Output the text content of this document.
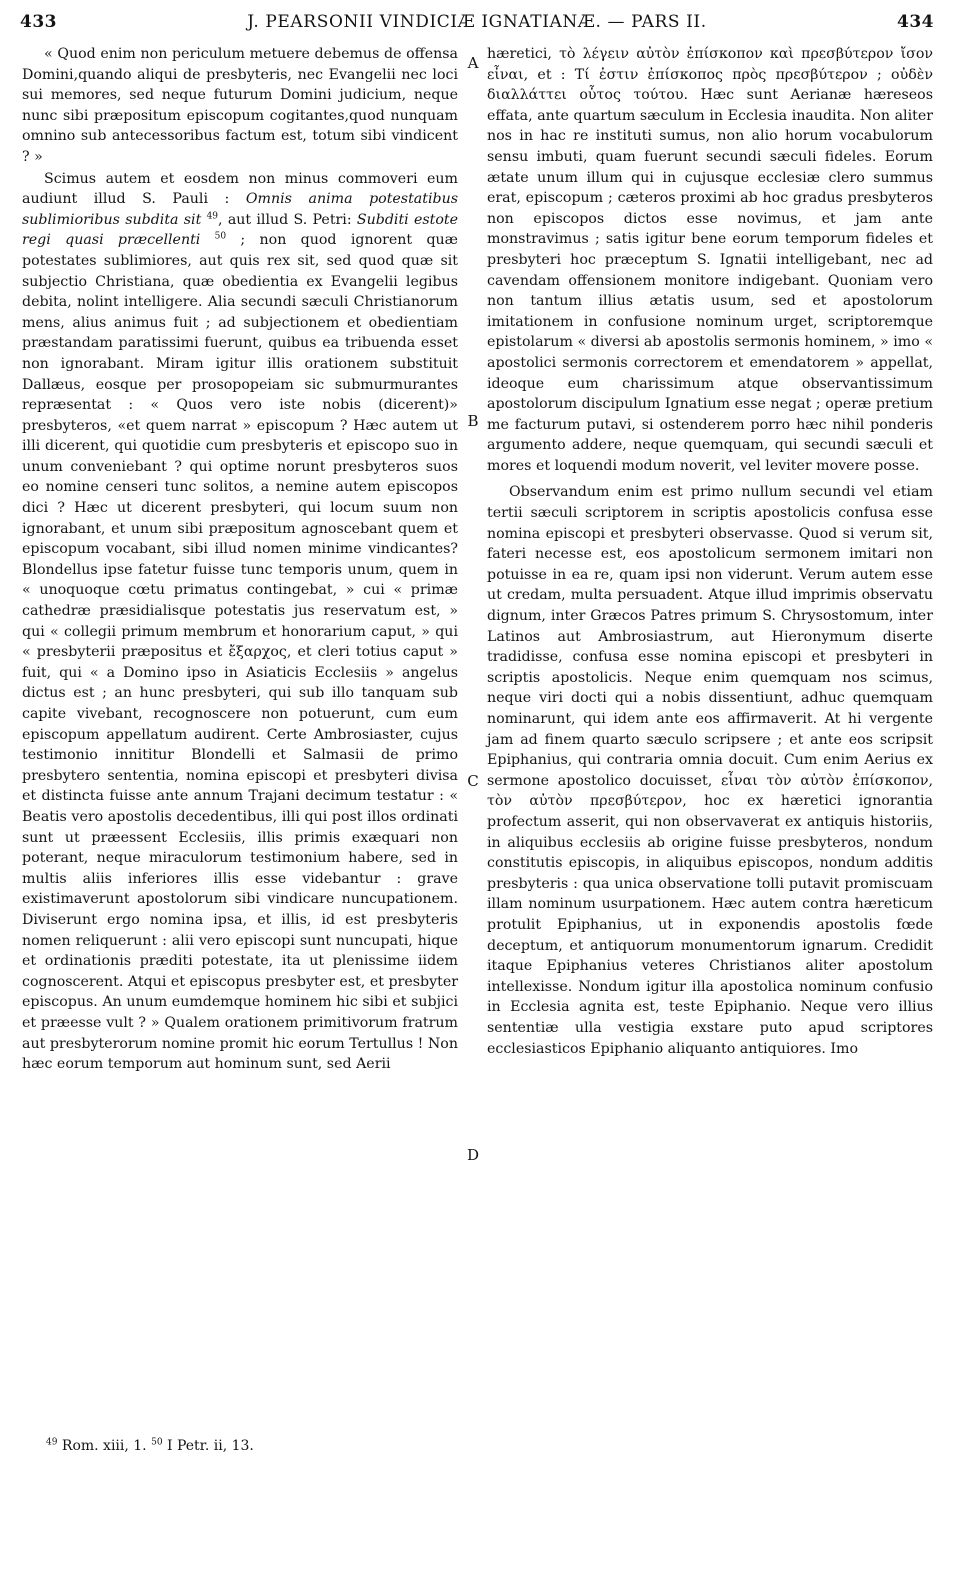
433	J. PEARSONII VINDICIÆ IGNATIANÆ. — PARS II.	434

« Quod enim non periculum metuere debemus de offensa Domini,quando aliqui de presbyteris, nec Evangelii nec loci sui memores, sed neque futurum Domini judicium, neque nunc sibi præpositum episcopum cogitantes,quod nunquam omnino sub antecessoribus factum est, totum sibi vindicent ? »

Scimus autem et eosdem non minus commoveri eum audiunt illud S. Pauli : Omnis anima potestatibus sublimioribus subdita sit $^{49}$, aut illud S. Petri: Subditi estote regi quasi præcellenti $^{50}$ ; non quod ignorent quæ potestates sublimiores, aut quis rex sit, sed quod quæ sit subjectio Christiana, quæ obedientia ex Evangelii legibus debita, nolint intelligere. Alia secundi sæculi Christianorum mens, alius animus fuit ; ad subjectionem et obedientiam præstandam paratissimi fuerunt, quibus ea tribuenda esset non ignorabant. Miram igitur illis orationem substituit Dallæus, eosque per prosopopeiam sic submurmurantes repræsentat : « Quos vero iste nobis (dicerent)» presbyteros, «et quem narrat » episcopum ? Hæc autem ut illi dicerent, qui quotidie cum presbyteris et episcopo suo in unum conveniebant ? qui optime norunt presbyteros suos eo nomine censeri tunc solitos, a nemine autem episcopos dici ? Hæc ut dicerent presbyteri, qui locum suum non ignorabant, et unum sibi præpositum agnoscebant quem et episcopum vocabant, sibi illud nomen minime vindicantes? Blondellus ipse fatetur fuisse tunc temporis unum, quem in « unoquoque cœtu primatus contingebat, » cui « primæ cathedræ præsidialisque potestatis jus reservatum est, » qui « collegii primum membrum et honorarium caput, » qui « presbyterii præpositus et ἔξαρχος, et cleri totius caput » fuit, qui « a Domino ipso in Asiaticis Ecclesiis » angelus dictus est ; an hunc presbyteri, qui sub illo tanquam sub capite vivebant, recognoscere non potuerunt, cum eum episcopum appellatum audirent. Certe Ambrosiaster, cujus testimonio innititur Blondelli et Salmasii de primo presbytero sententia, nomina episcopi et presbyteri divisa et distincta fuisse ante annum Trajani decimum testatur : « Beatis vero apostolis decedentibus, illi qui post illos ordinati sunt ut præessent Ecclesiis, illis primis exæquari non poterant, neque miraculorum testimonium habere, sed in multis aliis inferiores illis esse videbantur : grave existimaverunt apostolorum sibi vindicare nuncupationem. Diviserunt ergo nomina ipsa, et illis, id est presbyteris nomen reliquerunt : alii vero episcopi sunt nuncupati, hique et ordinationis præditi potestate, ita ut plenissime iidem cognoscerent. Atqui et episcopus presbyter est, et presbyter episcopus. An unum eumdemque hominem hic sibi et subjici et præesse vult ? » Qualem orationem primitivorum fratrum aut presbyterorum nomine promit hic eorum Tertullus ! Non hæc eorum temporum aut hominum sunt, sed Aerii

A
B
C
D

hæretici, τὸ λέγειν αὐτὸν ἐπίσκοπον καὶ πρεσβύτερον ἴσον εἶναι, et : Τί ἐστιν ἐπίσκοπος πρὸς πρεσβύτερον ; οὐδὲν διαλλάττει οὗτος τούτου. Hæc sunt Aerianæ hæreseos effata, ante quartum sæculum in Ecclesia inaudita. Non aliter nos in hac re instituti sumus, non alio horum vocabulorum sensu imbuti, quam fuerunt secundi sæculi fideles. Eorum ætate unum illum qui in cujusque ecclesiæ clero summus erat, episcopum ; cæteros proximi ab hoc gradus presbyteros non episcopos dictos esse novimus, et jam ante monstravimus ; satis igitur bene eorum temporum fideles et presbyteri hoc præceptum S. Ignatii intelligebant, nec ad cavendam offensionem monitore indigebant. Quoniam vero non tantum illius ætatis usum, sed et apostolorum imitationem in confusione nominum urget, scriptoremque epistolarum « diversi ab apostolis sermonis hominem, » imo « apostolici sermonis correctorem et emendatorem » appellat, ideoque eum charissimum atque observantissimum apostolorum discipulum Ignatium esse negat ; operæ pretium me facturum putavi, si ostenderem porro hæc nihil ponderis argumento addere, neque quemquam, qui secundi sæculi et mores et loquendi modum noverit, vel leviter movere posse.

Observandum enim est primo nullum secundi vel etiam tertii sæculi scriptorem in scriptis apostolicis confusa esse nomina episcopi et presbyteri observasse. Quod si verum sit, fateri necesse est, eos apostolicum sermonem imitari non potuisse in ea re, quam ipsi non viderunt. Verum autem esse ut credam, multa persuadent. Atque illud imprimis observatu dignum, inter Græcos Patres primum S. Chrysostomum, inter Latinos aut Ambrosiastrum, aut Hieronymum diserte tradidisse, confusa esse nomina episcopi et presbyteri in scriptis apostolicis. Neque enim quemquam nos scimus, neque viri docti qui a nobis dissentiunt, adhuc quemquam nominarunt, qui idem ante eos affirmaverit. At hi vergente jam ad finem quarto sæculo scripsere ; et ante eos scripsit Epiphanius, qui contraria omnia docuit. Cum enim Aerius ex sermone apostolico docuisset, εἶναι τὸν αὐτὸν ἐπίσκοπον, τὸν αὐτὸν πρεσβύτερον, hoc ex hæretici ignorantia profectum asserit, qui non observaverat ex antiquis historiis, in aliquibus ecclesiis ab origine fuisse presbyteros, nondum constitutis episcopis, in aliquibus episcopos, nondum additis presbyteris : qua unica observatione tolli putavit promiscuam illam nominum usurpationem. Hæc autem contra hæreticum protulit Epiphanius, ut in exponendis apostolis fœde deceptum, et antiquorum monumentorum ignarum. Credidit itaque Epiphanius veteres Christianos aliter apostolum intellexisse. Nondum igitur illa apostolica nominum confusio in Ecclesia agnita est, teste Epiphanio. Neque vero illius sententiæ ulla vestigia exstare puto apud scriptores ecclesiasticos Epiphanio aliquanto antiquiores. Imo

$^{49}$ Rom. xiii, 1. $^{50}$ I Petr. ii, 13.
